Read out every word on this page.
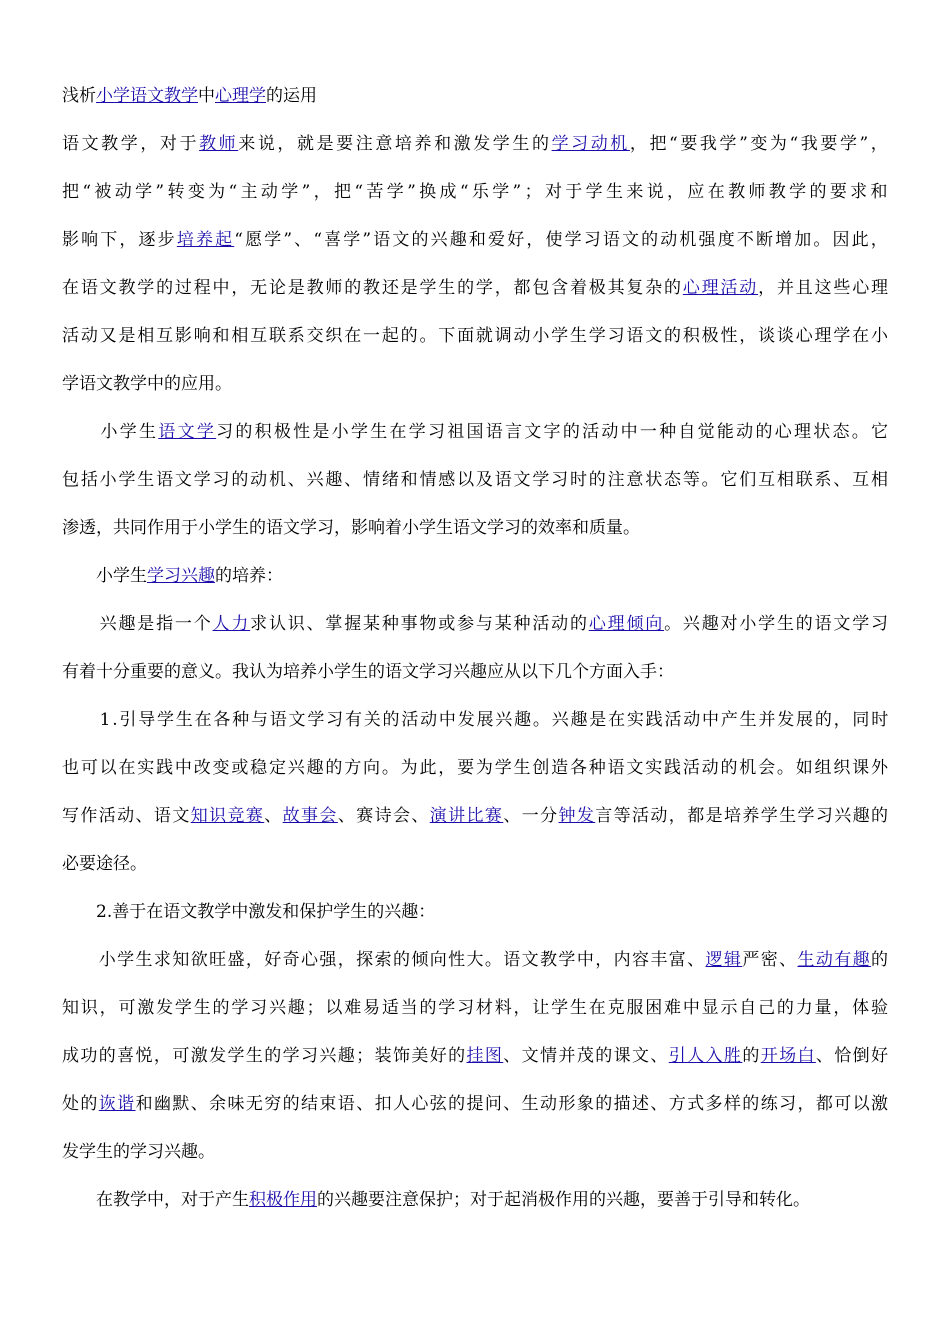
浅析小学语文教学中心理学的运用
语文教学，对于教师来说，就是要注意培养和激发学生的学习动机，把“要我学”变为“我要学”，
把“被动学”转变为“主动学”，把“苦学”换成“乐学”；对于学生来说，应在教师教学的要求和
影响下，逐步培养起“愿学”、“喜学”语文的兴趣和爱好，使学习语文的动机强度不断增加。因此，
在语文教学的过程中，无论是教师的教还是学生的学，都包含着极其复杂的心理活动，并且这些心理
活动又是相互影响和相互联系交织在一起的。下面就调动小学生学习语文的积极性，谈谈心理学在小
学语文教学中的应用。
　　小学生语文学习的积极性是小学生在学习祖国语言文字的活动中一种自觉能动的心理状态。它
包括小学生语文学习的动机、兴趣、情绪和情感以及语文学习时的注意状态等。它们互相联系、互相
渗透，共同作用于小学生的语文学习，影响着小学生语文学习的效率和质量。
　　小学生学习兴趣的培养：
　　兴趣是指一个人力求认识、掌握某种事物或参与某种活动的心理倾向。兴趣对小学生的语文学习
有着十分重要的意义。我认为培养小学生的语文学习兴趣应从以下几个方面入手：
　　1.引导学生在各种与语文学习有关的活动中发展兴趣。兴趣是在实践活动中产生并发展的，同时
也可以在实践中改变或稳定兴趣的方向。为此，要为学生创造各种语文实践活动的机会。如组织课外
写作活动、语文知识竞赛、故事会、赛诗会、演讲比赛、一分钟发言等活动，都是培养学生学习兴趣的
必要途径。
　　2.善于在语文教学中激发和保护学生的兴趣：
　　小学生求知欲旺盛，好奇心强，探索的倾向性大。语文教学中，内容丰富、逻辑严密、生动有趣的
知识，可激发学生的学习兴趣；以难易适当的学习材料，让学生在克服困难中显示自己的力量，体验
成功的喜悦，可激发学生的学习兴趣；装饰美好的挂图、文情并茂的课文、引人入胜的开场白、恰倒好
处的诙谐和幽默、余味无穷的结束语、扣人心弦的提问、生动形象的描述、方式多样的练习，都可以激
发学生的学习兴趣。
　　在教学中，对于产生积极作用的兴趣要注意保护；对于起消极作用的兴趣，要善于引导和转化。
